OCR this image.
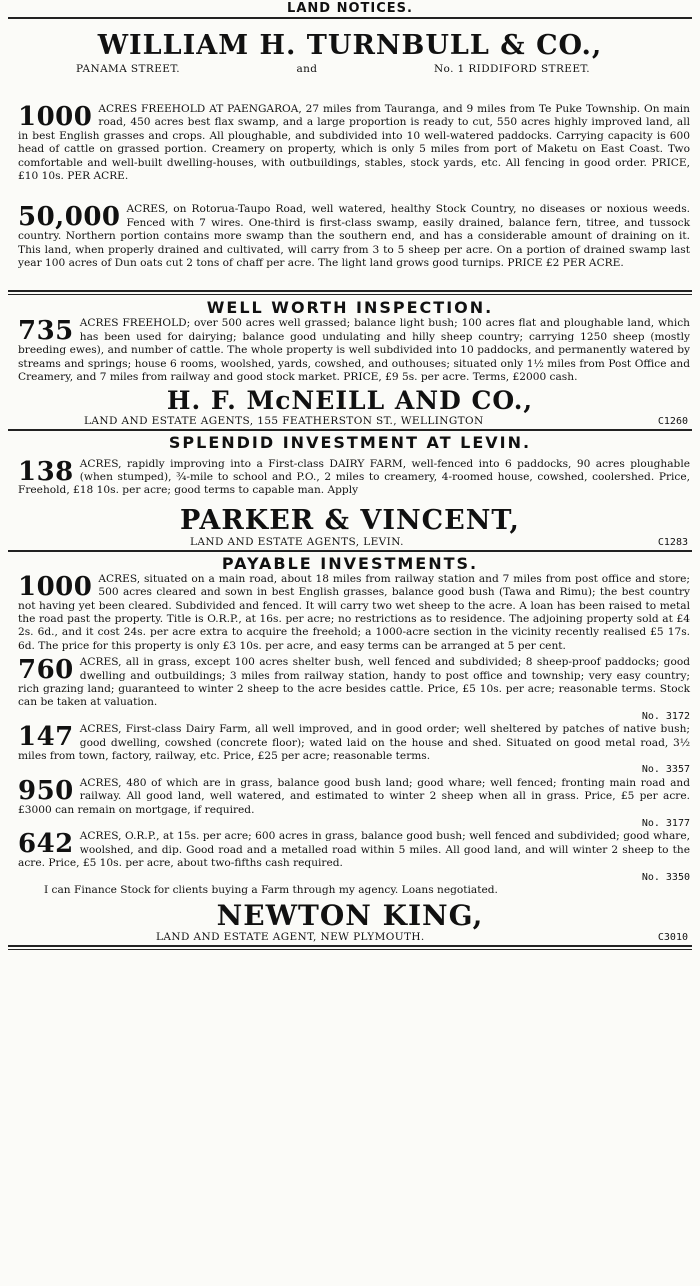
LAND NOTICES.
WILLIAM H. TURNBULL & CO.,
PANAMA STREET.	and	No. 1 RIDDIFORD STREET.
1000 ACRES FREEHOLD AT PAENGAROA, 27 miles from Tauranga, and 9 miles from Te Puke Township. On main road, 450 acres best flax swamp, and a large proportion is ready to cut, 550 acres highly improved land, all in best English grasses and crops. All ploughable, and subdivided into 10 well-watered paddocks. Carrying capacity is 600 head of cattle on grassed portion. Creamery on property, which is only 5 miles from port of Maketu on East Coast. Two comfortable and well-built dwelling-houses, with outbuildings, stables, stock yards, etc. All fencing in good order. PRICE, £10 10s. PER ACRE.
50,000 ACRES, on Rotorua-Taupo Road, well watered, healthy Stock Country, no diseases or noxious weeds. Fenced with 7 wires. One-third is first-class swamp, easily drained, balance fern, titree, and tussock country. Northern portion contains more swamp than the southern end, and has a considerable amount of draining on it. This land, when properly drained and cultivated, will carry from 3 to 5 sheep per acre. On a portion of drained swamp last year 100 acres of Dun oats cut 2 tons of chaff per acre. The light land grows good turnips. PRICE £2 PER ACRE.
WELL WORTH INSPECTION.
735 ACRES FREEHOLD; over 500 acres well grassed; balance light bush; 100 acres flat and ploughable land, which has been used for dairying; balance good undulating and hilly sheep country; carrying 1250 sheep (mostly breeding ewes), and number of cattle. The whole property is well subdivided into 10 paddocks, and permanently watered by streams and springs; house 6 rooms, woolshed, yards, cowshed, and outhouses; situated only 1½ miles from Post Office and Creamery, and 7 miles from railway and good stock market. PRICE, £9 5s. per acre. Terms, £2000 cash.
H. F. McNEILL AND CO.,
LAND AND ESTATE AGENTS, 155 FEATHERSTON ST., WELLINGTON	C1260
SPLENDID INVESTMENT AT LEVIN.
138 ACRES, rapidly improving into a First-class DAIRY FARM, well-fenced into 6 paddocks, 90 acres ploughable (when stumped), ¾-mile to school and P.O., 2 miles to creamery, 4-roomed house, cowshed, coolershed. Price, Freehold, £18 10s. per acre; good terms to capable man. Apply
PARKER & VINCENT,
LAND AND ESTATE AGENTS, LEVIN.	C1283
PAYABLE INVESTMENTS.
1000 ACRES, situated on a main road, about 18 miles from railway station and 7 miles from post office and store; 500 acres cleared and sown in best English grasses, balance good bush (Tawa and Rimu); the best country not having yet been cleared. Subdivided and fenced. It will carry two wet sheep to the acre. A loan has been raised to metal the road past the property. Title is O.R.P., at 16s. per acre; no restrictions as to residence. The adjoining property sold at £4 2s. 6d., and it cost 24s. per acre extra to acquire the freehold; a 1000-acre section in the vicinity recently realised £5 17s. 6d. The price for this property is only £3 10s. per acre, and easy terms can be arranged at 5 per cent.
760 ACRES, all in grass, except 100 acres shelter bush, well fenced and subdivided; 8 sheep-proof paddocks; good dwelling and outbuildings; 3 miles from railway station, handy to post office and township; very easy country; rich grazing land; guaranteed to winter 2 sheep to the acre besides cattle. Price, £5 10s. per acre; reasonable terms. Stock can be taken at valuation.
No. 3172
147 ACRES, First-class Dairy Farm, all well improved, and in good order; well sheltered by patches of native bush; good dwelling, cowshed (concrete floor); wated laid on the house and shed. Situated on good metal road, 3½ miles from town, factory, railway, etc. Price, £25 per acre; reasonable terms.
No. 3357
950 ACRES, 480 of which are in grass, balance good bush land; good whare; well fenced; fronting main road and railway. All good land, well watered, and estimated to winter 2 sheep when all in grass. Price, £5 per acre. £3000 can remain on mortgage, if required.
No. 3177
642 ACRES, O.R.P., at 15s. per acre; 600 acres in grass, balance good bush; well fenced and subdivided; good whare, woolshed, and dip. Good road and a metalled road within 5 miles. All good land, and will winter 2 sheep to the acre. Price, £5 10s. per acre, about two-fifths cash required.
No. 3350
I can Finance Stock for clients buying a Farm through my agency. Loans negotiated.
NEWTON KING,
LAND AND ESTATE AGENT, NEW PLYMOUTH.	C3010
